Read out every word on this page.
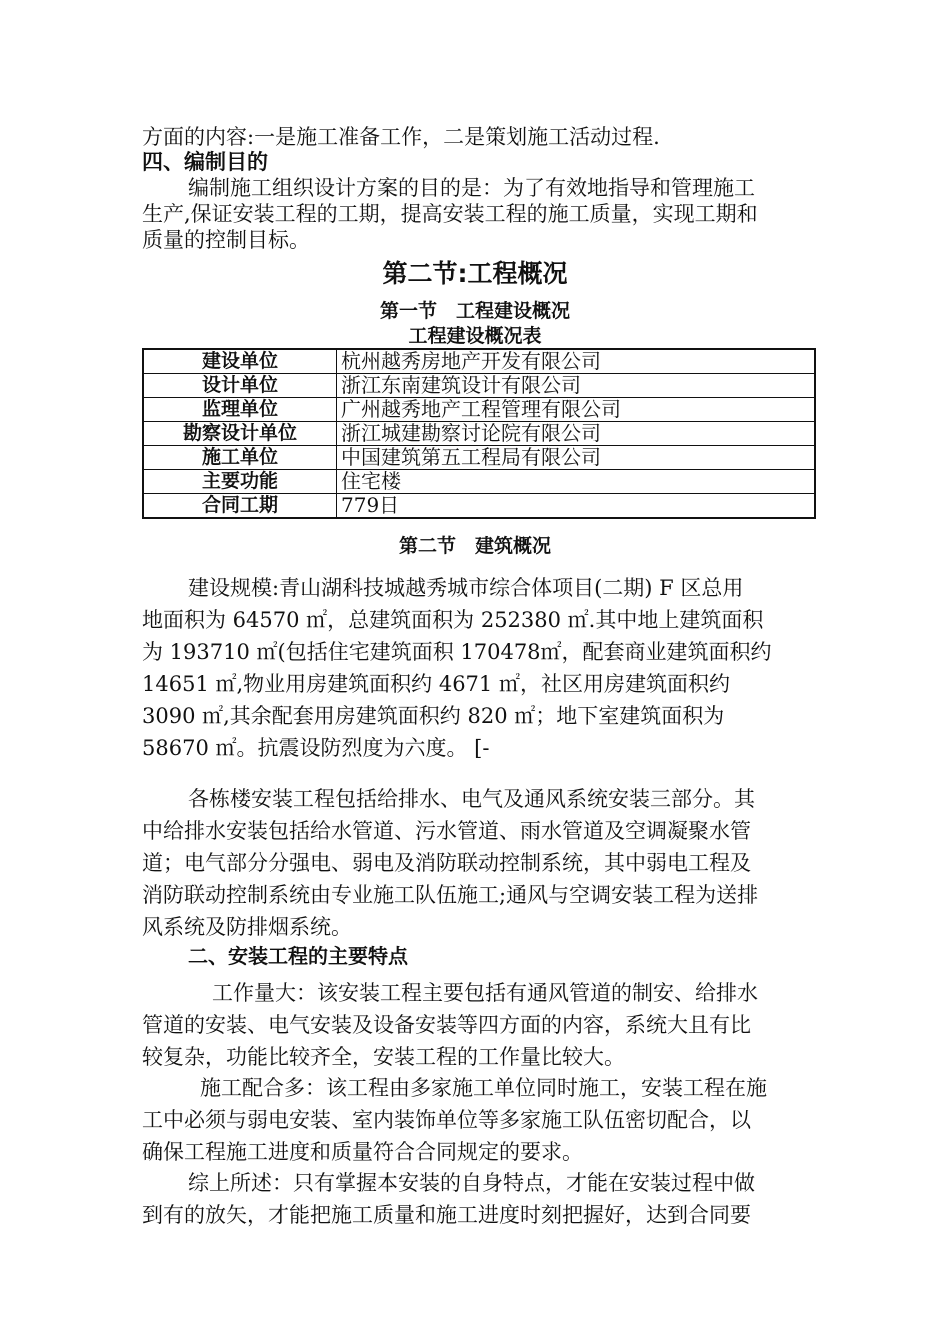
方面的内容:一是施工准备工作，二是策划施工活动过程.
四、编制目的
编制施工组织设计方案的目的是：为了有效地指导和管理施工
生产,保证安装工程的工期，提高安装工程的施工质量，实现工期和
质量的控制目标。
第二节:工程概况
第一节　工程建设概况
工程建设概况表
建设单位	杭州越秀房地产开发有限公司
设计单位	浙江东南建筑设计有限公司
监理单位	广州越秀地产工程管理有限公司
勘察设计单位	浙江城建勘察讨论院有限公司
施工单位	中国建筑第五工程局有限公司
主要功能	住宅楼
合同工期	779日
第二节　建筑概况
建设规模:青山湖科技城越秀城市综合体项目(二期) F 区总用
地面积为 64570 ㎡，总建筑面积为 252380 ㎡.其中地上建筑面积
为 193710 ㎡(包括住宅建筑面积 170478㎡，配套商业建筑面积约
14651 ㎡,物业用房建筑面积约 4671 ㎡，社区用房建筑面积约
3090 ㎡,其余配套用房建筑面积约 820 ㎡；地下室建筑面积为
58670 ㎡。抗震设防烈度为六度。 [-
各栋楼安装工程包括给排水、电气及通风系统安装三部分。其
中给排水安装包括给水管道、污水管道、雨水管道及空调凝聚水管
道；电气部分分强电、弱电及消防联动控制系统，其中弱电工程及
消防联动控制系统由专业施工队伍施工;通风与空调安装工程为送排
风系统及防排烟系统。
二、安装工程的主要特点
工作量大：该安装工程主要包括有通风管道的制安、给排水
管道的安装、电气安装及设备安装等四方面的内容，系统大且有比
较复杂，功能比较齐全，安装工程的工作量比较大。
施工配合多：该工程由多家施工单位同时施工，安装工程在施
工中必须与弱电安装、室内装饰单位等多家施工队伍密切配合，以
确保工程施工进度和质量符合合同规定的要求。
综上所述：只有掌握本安装的自身特点，才能在安装过程中做
到有的放矢，才能把施工质量和施工进度时刻把握好，达到合同要
